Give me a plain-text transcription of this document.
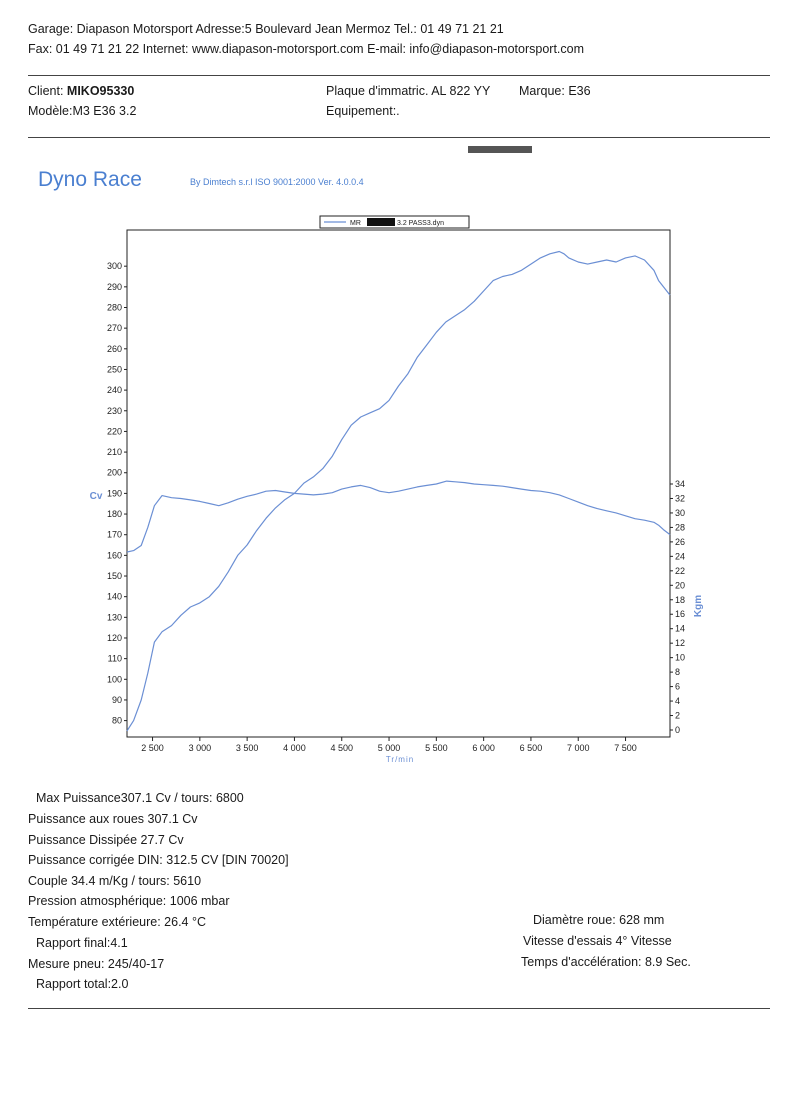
Garage: Diapason Motorsport Adresse:5 Boulevard Jean Mermoz Tel.: 01 49 71 21 21
Fax: 01 49 71 21 22 Internet: www.diapason-motorsport.com E-mail: info@diapason-motorsport.com
Client: MIKO95330	Plaque d'immatric. AL 822 YY Marque: E36
Modèle:M3 E36 3.2	Equipement:.
Dyno Race	By Dimtech s.r.l ISO 9001:2000 Ver. 4.0.0.4
2 500	3 000	3 500	4 000	4 500	5 000	5 500	6 000	6 500	7 000	7 500
80
90
100
110
120
130
140
150
160
170
180
190
200
210
220
230
240
250
260
270
280
290
300
0
2
4
6
8
10
12
14
16
18
20
22
24
26
28
30
32
34
Cv
Kgm
Tr/min
MR	3.2 PASS3.dyn
Max Puissance307.1 Cv / tours: 6800
Puissance aux roues 307.1 Cv
Puissance Dissipée 27.7 Cv
Puissance corrigée DIN: 312.5 CV [DIN 70020]
Couple 34.4 m/Kg / tours: 5610
Pression atmosphérique: 1006 mbar
Température extérieure: 26.4 °C
Rapport final:4.1
Mesure pneu: 245/40-17
Rapport total:2.0
Diamètre roue: 628 mm
Vitesse d'essais 4° Vitesse
Temps d'accélération: 8.9 Sec.
